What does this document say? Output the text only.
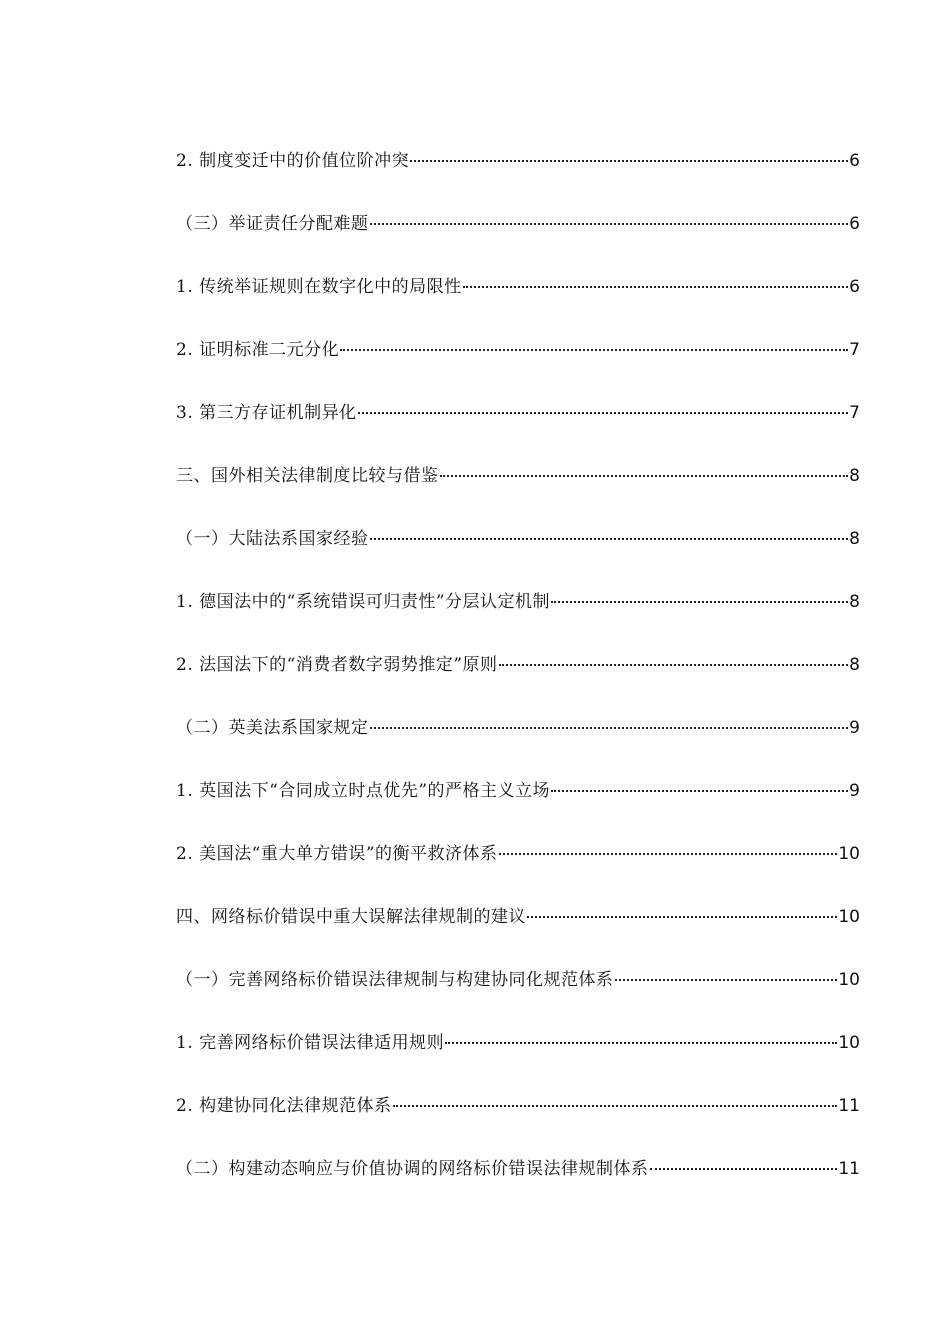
2. 制度变迁中的价值位阶冲突	6
（三）举证责任分配难题	6
1. 传统举证规则在数字化中的局限性	6
2. 证明标准二元分化	7
3. 第三方存证机制异化	7
三、国外相关法律制度比较与借鉴	8
（一）大陆法系国家经验	8
1. 德国法中的“系统错误可归责性”分层认定机制	8
2. 法国法下的“消费者数字弱势推定”原则	8
（二）英美法系国家规定	9
1. 英国法下“合同成立时点优先”的严格主义立场	9
2. 美国法“重大单方错误”的衡平救济体系	10
四、网络标价错误中重大误解法律规制的建议	10
（一）完善网络标价错误法律规制与构建协同化规范体系	10
1. 完善网络标价错误法律适用规则	10
2. 构建协同化法律规范体系	11
（二）构建动态响应与价值协调的网络标价错误法律规制体系	11
